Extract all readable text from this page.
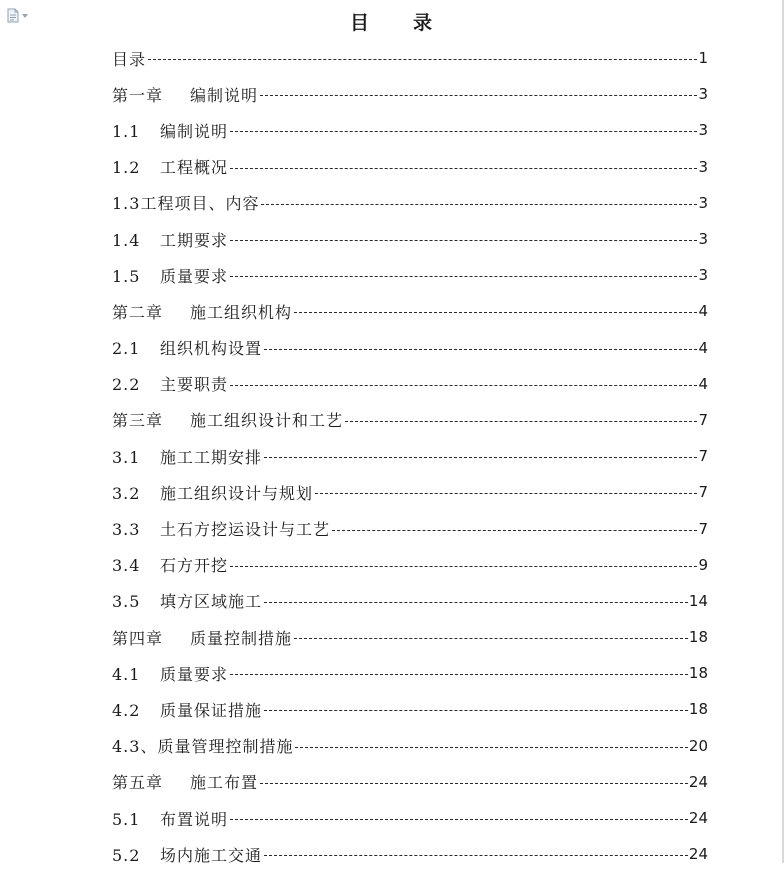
目 录
目录	1
第一章 编制说明	3
1.1 编制说明	3
1.2 工程概况	3
1.3工程项目、内容	3
1.4 工期要求	3
1.5 质量要求	3
第二章 施工组织机构	4
2.1 组织机构设置	4
2.2 主要职责	4
第三章 施工组织设计和工艺	7
3.1 施工工期安排	7
3.2 施工组织设计与规划	7
3.3 土石方挖运设计与工艺	7
3.4 石方开挖	9
3.5 填方区域施工	14
第四章 质量控制措施	18
4.1 质量要求	18
4.2 质量保证措施	18
4.3、质量管理控制措施	20
第五章 施工布置	24
5.1 布置说明	24
5.2 场内施工交通	24
